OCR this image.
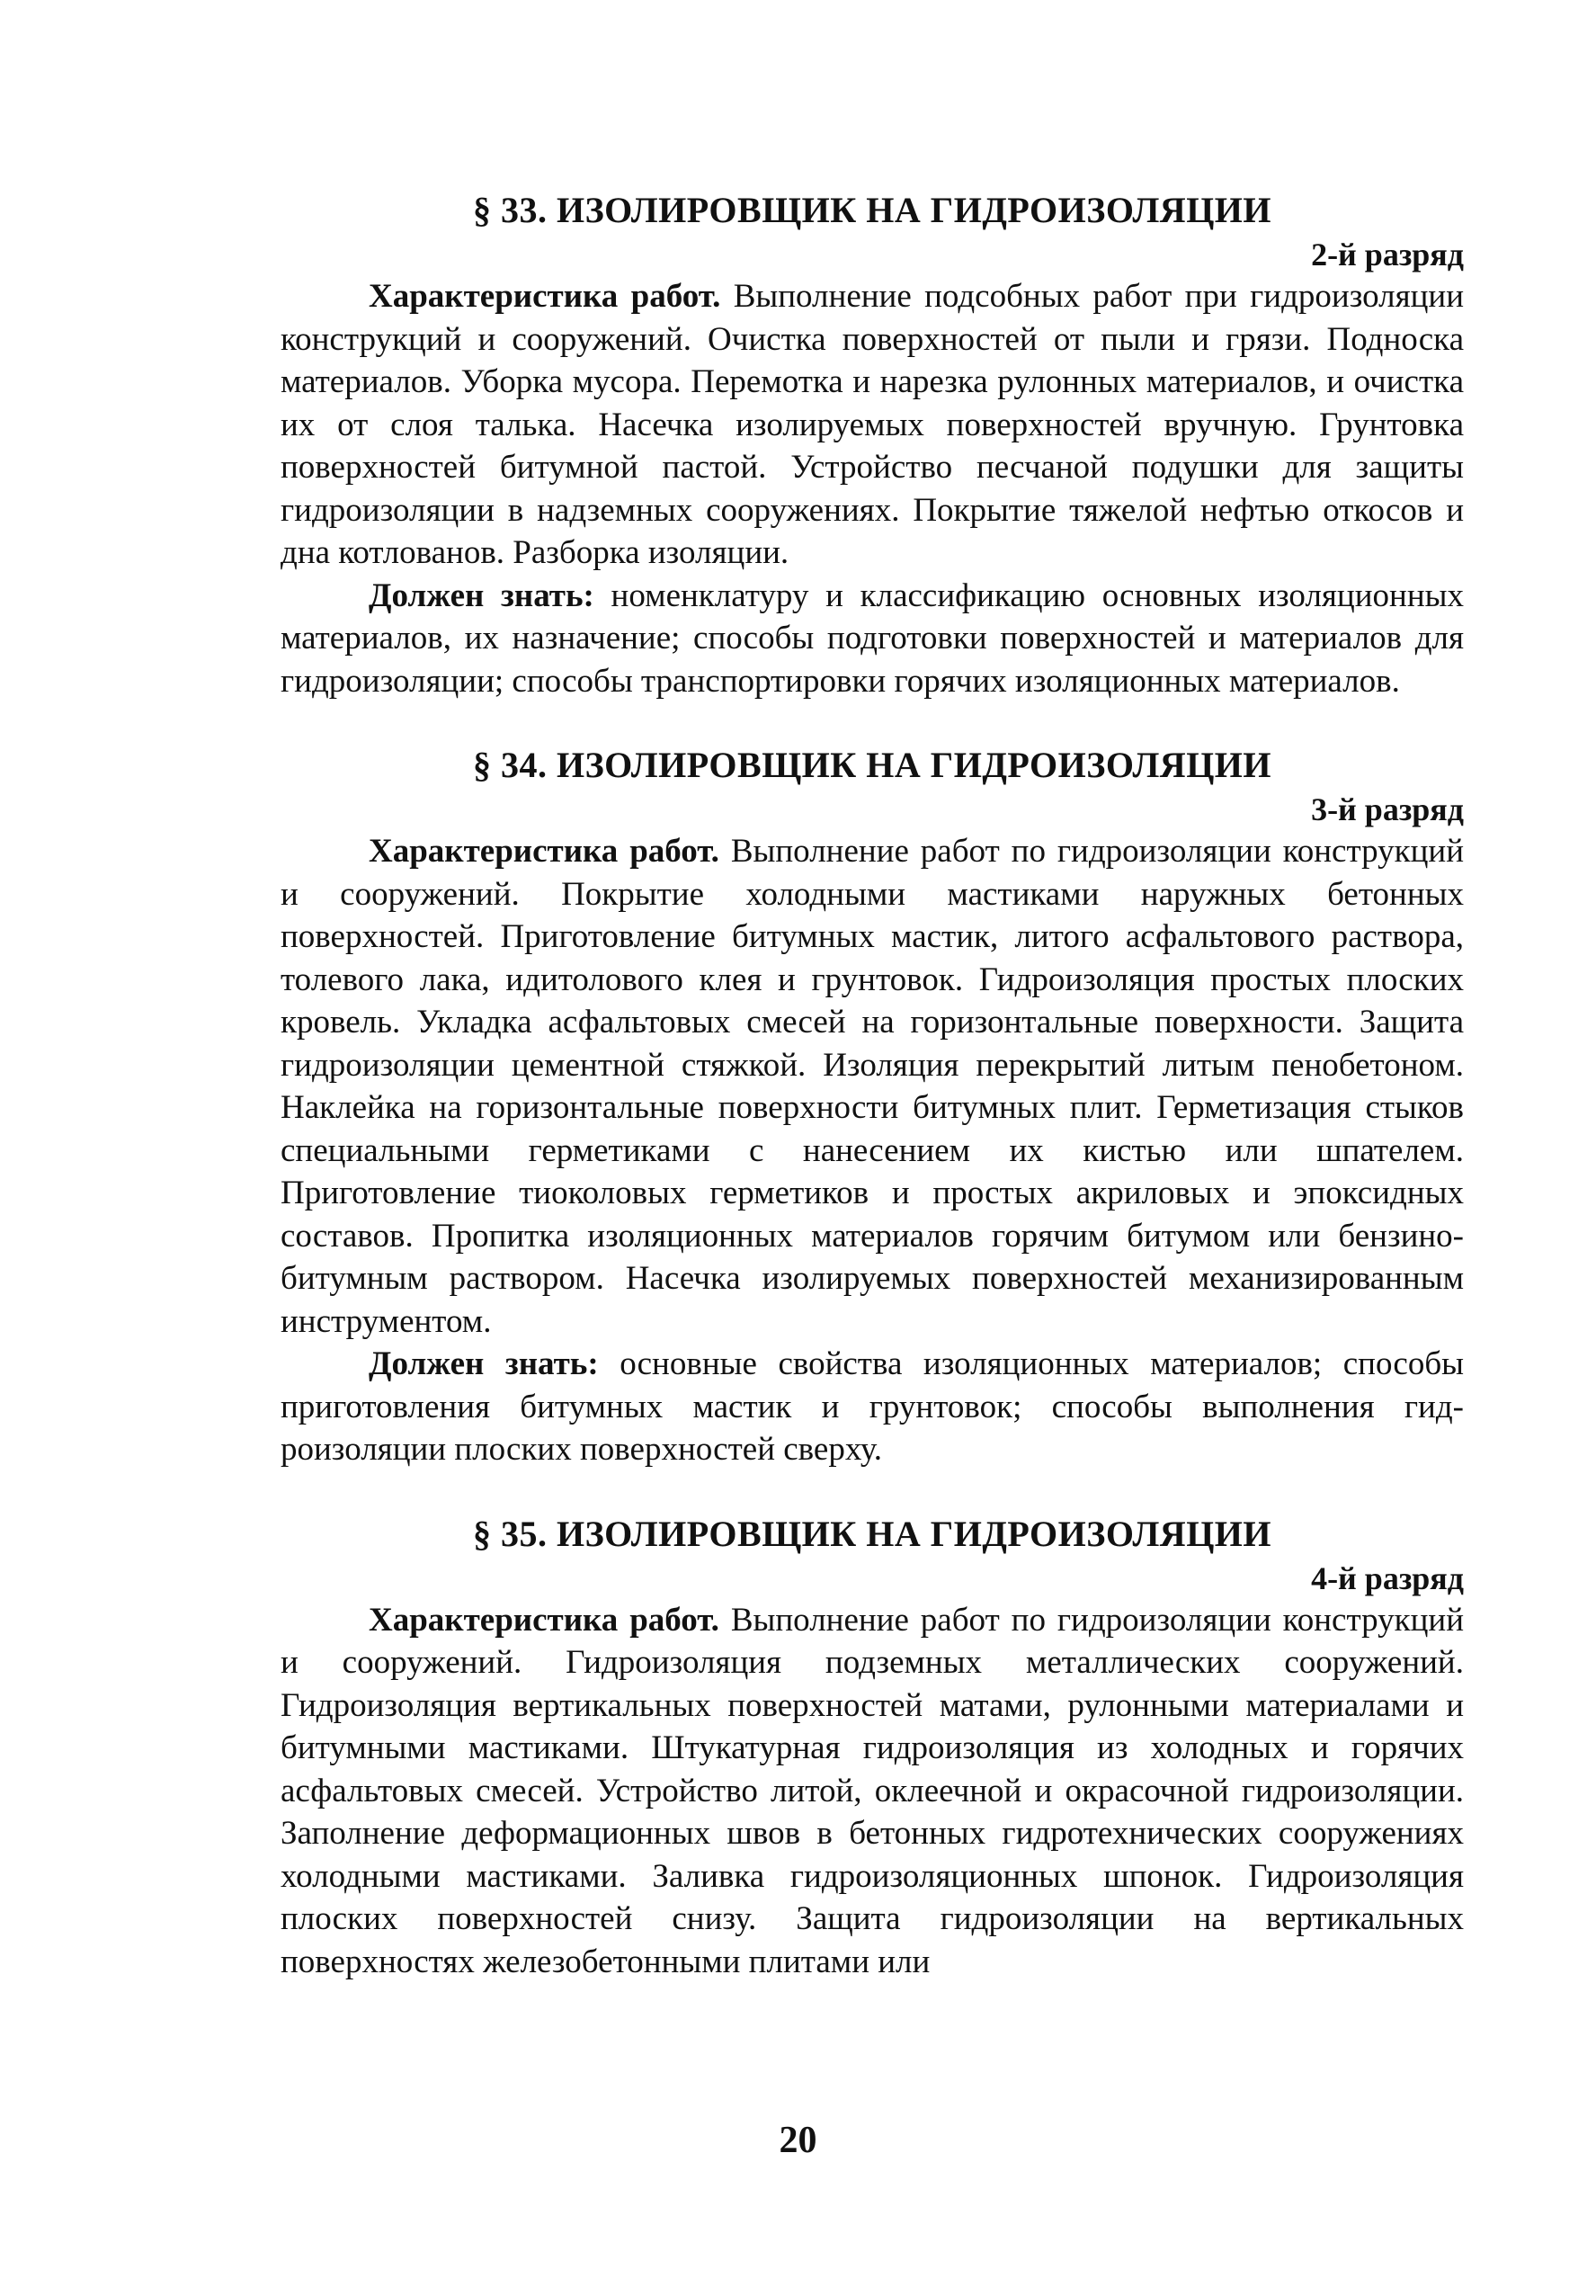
§ 33. ИЗОЛИРОВЩИК НА ГИДРОИЗОЛЯЦИИ

2-й разряд

Характеристика работ. Выполнение подсобных работ при гидроизоляции конструкций и сооружений. Очистка поверхностей от пыли и грязи. Подноска материалов. Уборка мусора. Перемотка и нарезка рулонных материалов, и очистка их от слоя талька. Насечка изолируемых поверхностей вручную. Грунтовка поверхностей битумной пастой. Устройство песчаной подушки для защиты гидроизоляции в надземных сооружениях. Покрытие тяжелой нефтью откосов и дна котлованов. Разборка изоляции.

Должен знать: номенклатуру и классификацию основных изоляционных материалов, их назначение; способы подготовки поверхностей и материалов для гидроизоляции; способы транспортировки горячих изоляционных материалов.

§ 34. ИЗОЛИРОВЩИК НА ГИДРОИЗОЛЯЦИИ

3-й разряд

Характеристика работ. Выполнение работ по гидроизоляции конструкций и сооружений. Покрытие холодными мастиками наружных бетонных поверхностей. Приготовление битумных мастик, литого асфальтового раствора, толевого лака, идитолового клея и грунтовок. Гидроизоляция простых плоских кровель. Укладка асфальтовых смесей на горизонтальные поверхности. Защита гидроизоляции цементной стяжкой. Изоляция перекрытий литым пенобетоном. Наклейка на горизонтальные поверхности битумных плит. Герметизация стыков специальными герметиками с нанесением их кистью или шпателем. Приготовление тиоколовых герметиков и простых акриловых и эпоксидных составов. Пропитка изоляционных материалов горячим битумом или бензино-битумным раствором. Насечка изолируемых поверхностей механизированным инструментом.

Должен знать: основные свойства изоляционных материалов; способы приготовления битумных мастик и грунтовок; способы выполнения гидроизоляции плоских поверхностей сверху.

§ 35. ИЗОЛИРОВЩИК НА ГИДРОИЗОЛЯЦИИ

4-й разряд

Характеристика работ. Выполнение работ по гидроизоляции конструкций и сооружений. Гидроизоляция подземных металлических сооружений. Гидроизоляция вертикальных поверхностей матами, рулонными материалами и битумными мастиками. Штукатурная гидроизоляция из холодных и горячих асфальтовых смесей. Устройство литой, оклеечной и окрасочной гидроизоляции. Заполнение деформационных швов в бетонных гидротехнических сооружениях холодными мастиками. Заливка гидроизоляционных шпонок. Гидроизоляция плоских поверхностей снизу. Защита гидроизоляции на вертикальных поверхностях железобетонными плитами или

20
